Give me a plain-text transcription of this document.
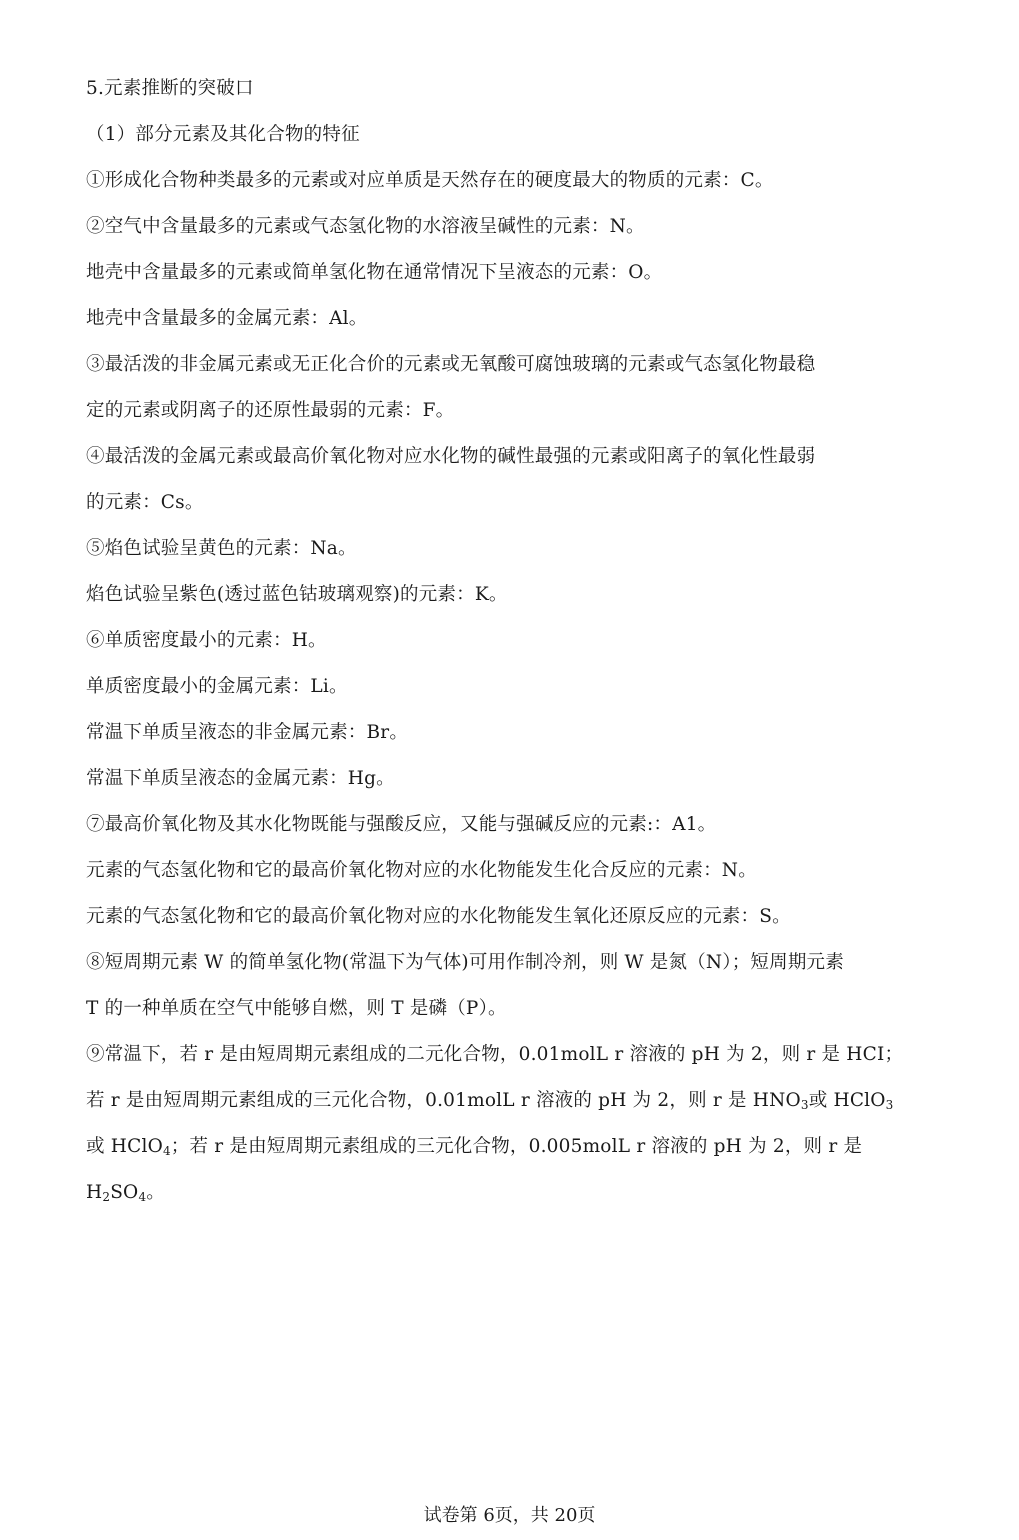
5.元素推断的突破口
（1）部分元素及其化合物的特征
①形成化合物种类最多的元素或对应单质是天然存在的硬度最大的物质的元素：C。
②空气中含量最多的元素或气态氢化物的水溶液呈碱性的元素：N。
地壳中含量最多的元素或简单氢化物在通常情况下呈液态的元素：O。
地壳中含量最多的金属元素：Al。
③最活泼的非金属元素或无正化合价的元素或无氧酸可腐蚀玻璃的元素或气态氢化物最稳
定的元素或阴离子的还原性最弱的元素：F。
④最活泼的金属元素或最高价氧化物对应水化物的碱性最强的元素或阳离子的氧化性最弱
的元素：Cs。
⑤焰色试验呈黄色的元素：Na。
焰色试验呈紫色(透过蓝色钴玻璃观察)的元素：K。
⑥单质密度最小的元素：H。
单质密度最小的金属元素：Li。
常温下单质呈液态的非金属元素：Br。
常温下单质呈液态的金属元素：Hg。
⑦最高价氧化物及其水化物既能与强酸反应，又能与强碱反应的元素:：A1。
元素的气态氢化物和它的最高价氧化物对应的水化物能发生化合反应的元素：N。
元素的气态氢化物和它的最高价氧化物对应的水化物能发生氧化还原反应的元素：S。
⑧短周期元素 W 的简单氢化物(常温下为气体)可用作制冷剂，则 W 是氮（N）；短周期元素
T 的一种单质在空气中能够自燃，则 T 是磷（P）。
⑨常温下，若 r 是由短周期元素组成的二元化合物，0.01molL r 溶液的 pH 为 2，则 r 是 HCI；
若 r 是由短周期元素组成的三元化合物，0.01molL r 溶液的 pH 为 2，则 r 是 $HNO_3$或 HClO$_3$
或 HClO$_4$；若 r 是由短周期元素组成的三元化合物，0.005molL r 溶液的 pH 为 2，则 r 是
$H_2SO_4$。
试卷第 6页，共 20页
